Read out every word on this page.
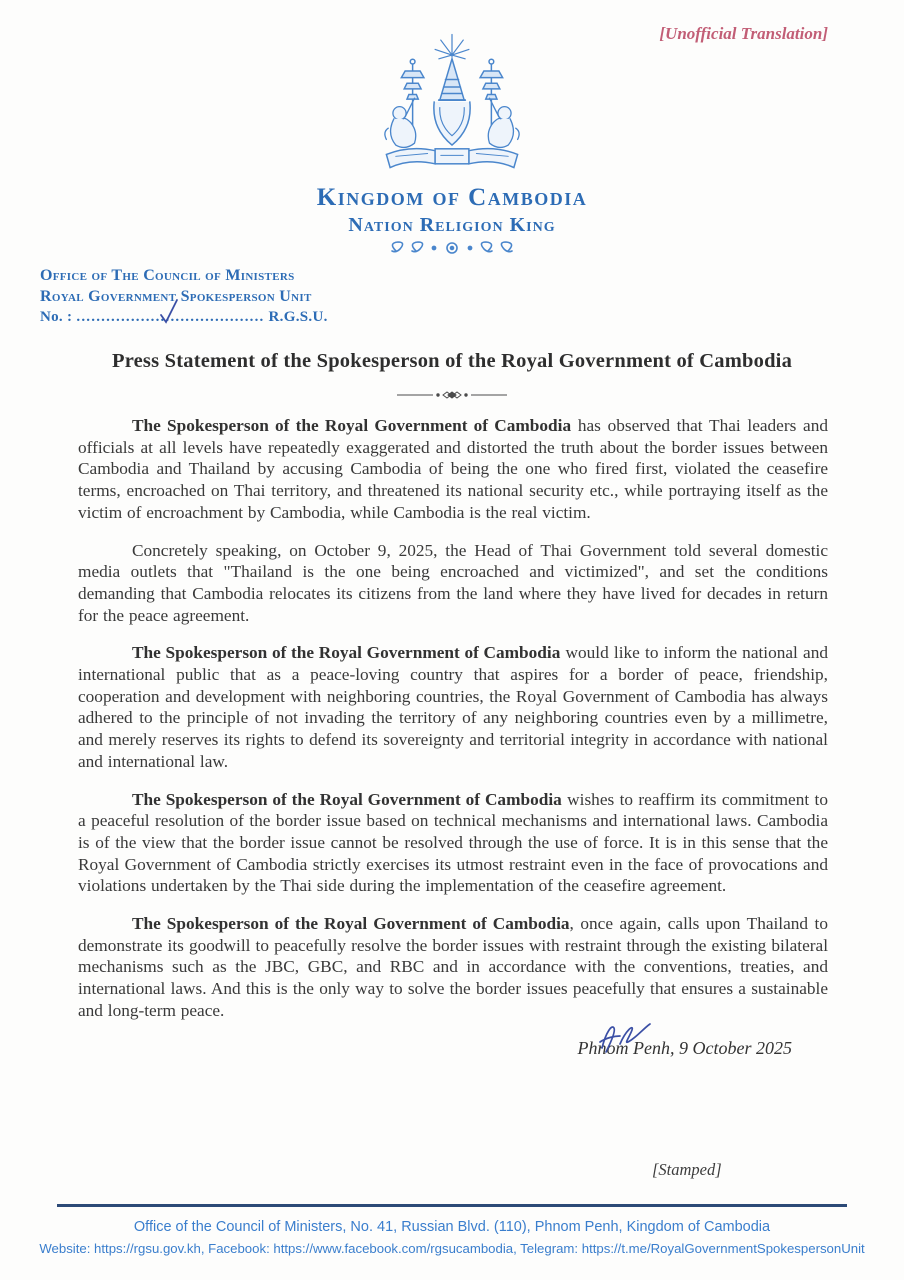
[Unofficial Translation]
Kingdom of Cambodia
Nation Religion King
Office of The Council of Ministers
Royal Government Spokesperson Unit
No. : ...................................... R.G.S.U.
Press Statement of the Spokesperson of the Royal Government of Cambodia

The Spokesperson of the Royal Government of Cambodia has observed that Thai leaders and officials at all levels have repeatedly exaggerated and distorted the truth about the border issues between Cambodia and Thailand by accusing Cambodia of being the one who fired first, violated the ceasefire terms, encroached on Thai territory, and threatened its national security etc., while portraying itself as the victim of encroachment by Cambodia, while Cambodia is the real victim.

Concretely speaking, on October 9, 2025, the Head of Thai Government told several domestic media outlets that "Thailand is the one being encroached and victimized", and set the conditions demanding that Cambodia relocates its citizens from the land where they have lived for decades in return for the peace agreement.

The Spokesperson of the Royal Government of Cambodia would like to inform the national and international public that as a peace-loving country that aspires for a border of peace, friendship, cooperation and development with neighboring countries, the Royal Government of Cambodia has always adhered to the principle of not invading the territory of any neighboring countries even by a millimetre, and merely reserves its rights to defend its sovereignty and territorial integrity in accordance with national and international law.

The Spokesperson of the Royal Government of Cambodia wishes to reaffirm its commitment to a peaceful resolution of the border issue based on technical mechanisms and international laws. Cambodia is of the view that the border issue cannot be resolved through the use of force. It is in this sense that the Royal Government of Cambodia strictly exercises its utmost restraint even in the face of provocations and violations undertaken by the Thai side during the implementation of the ceasefire agreement.

The Spokesperson of the Royal Government of Cambodia, once again, calls upon Thailand to demonstrate its goodwill to peacefully resolve the border issues with restraint through the existing bilateral mechanisms such as the JBC, GBC, and RBC and in accordance with the conventions, treaties, and international laws. And this is the only way to solve the border issues peacefully that ensures a sustainable and long-term peace.

Phnom Penh, 9 October 2025
[Stamped]
Office of the Council of Ministers, No. 41, Russian Blvd. (110), Phnom Penh, Kingdom of Cambodia
Website: https://rgsu.gov.kh, Facebook: https://www.facebook.com/rgsucambodia, Telegram: https://t.me/RoyalGovernmentSpokespersonUnit
